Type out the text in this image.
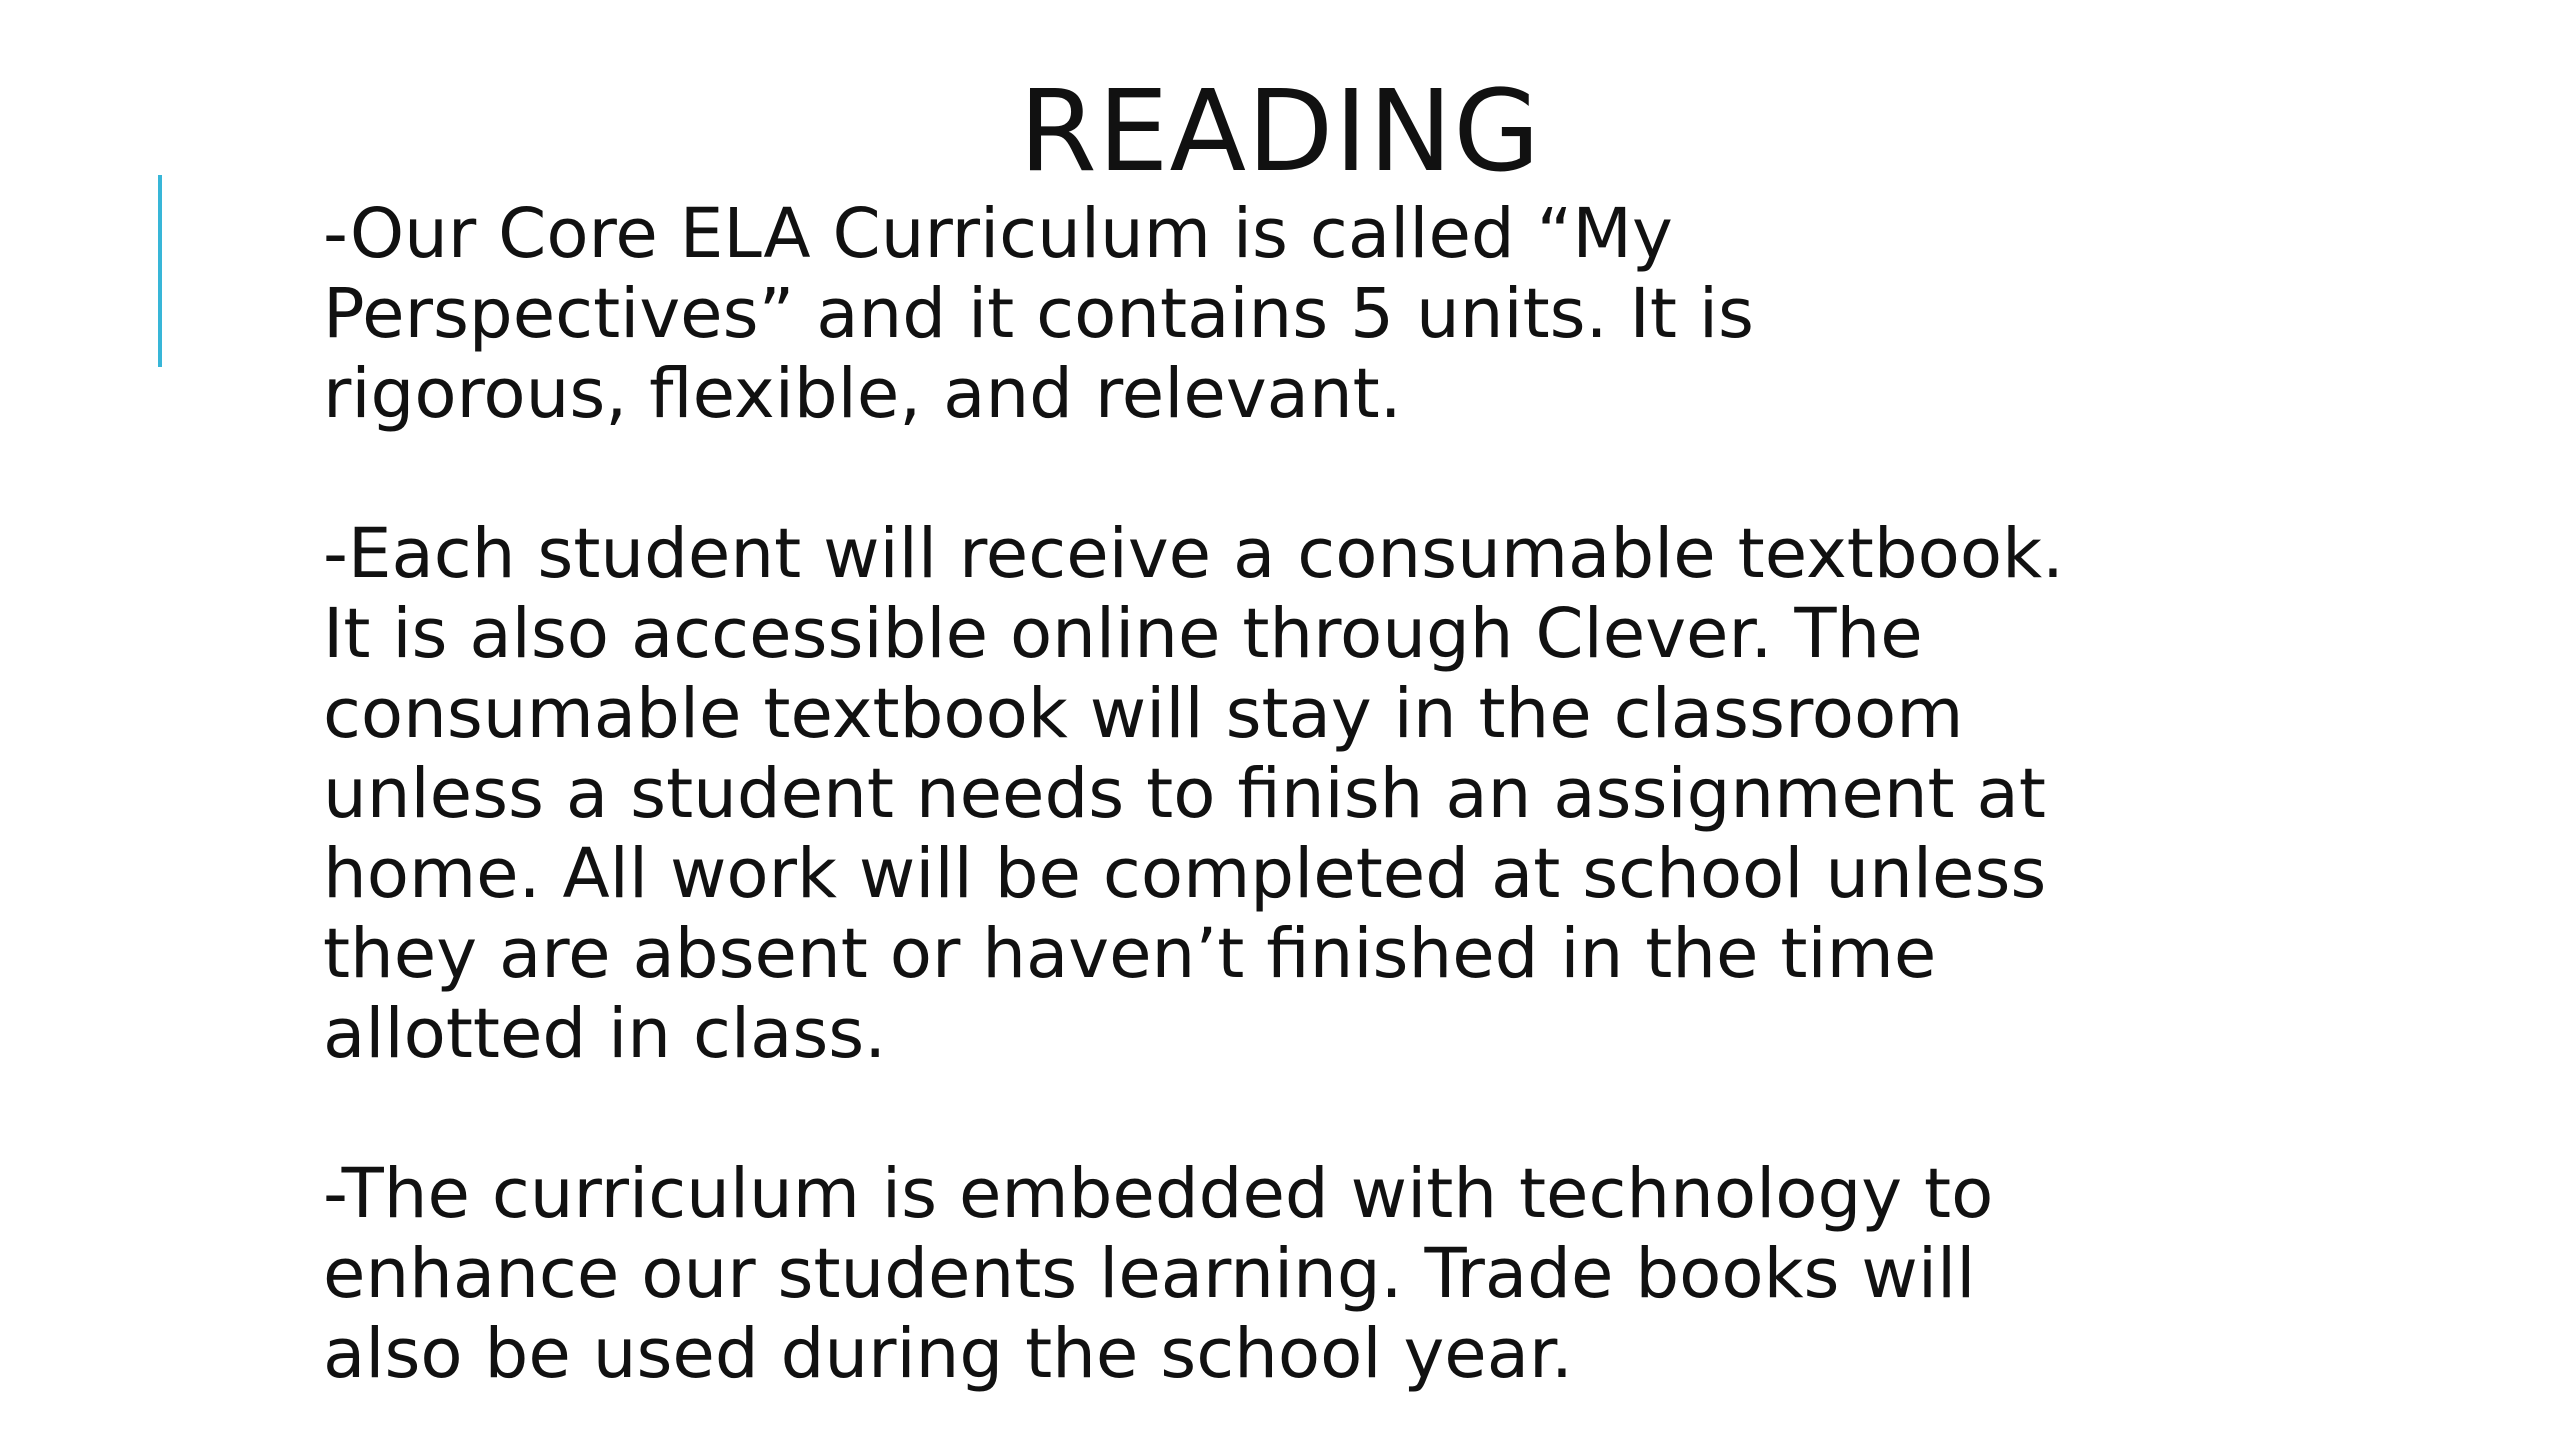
READING

-Our Core ELA Curriculum is called “My
Perspectives” and it contains 5 units. It is
rigorous, flexible, and relevant.

-Each student will receive a consumable textbook.
It is also accessible online through Clever. The
consumable textbook will stay in the classroom
unless a student needs to finish an assignment at
home. All work will be completed at school unless
they are absent or haven’t finished in the time
allotted in class.

-The curriculum is embedded with technology to
enhance our students learning. Trade books will
also be used during the school year.
